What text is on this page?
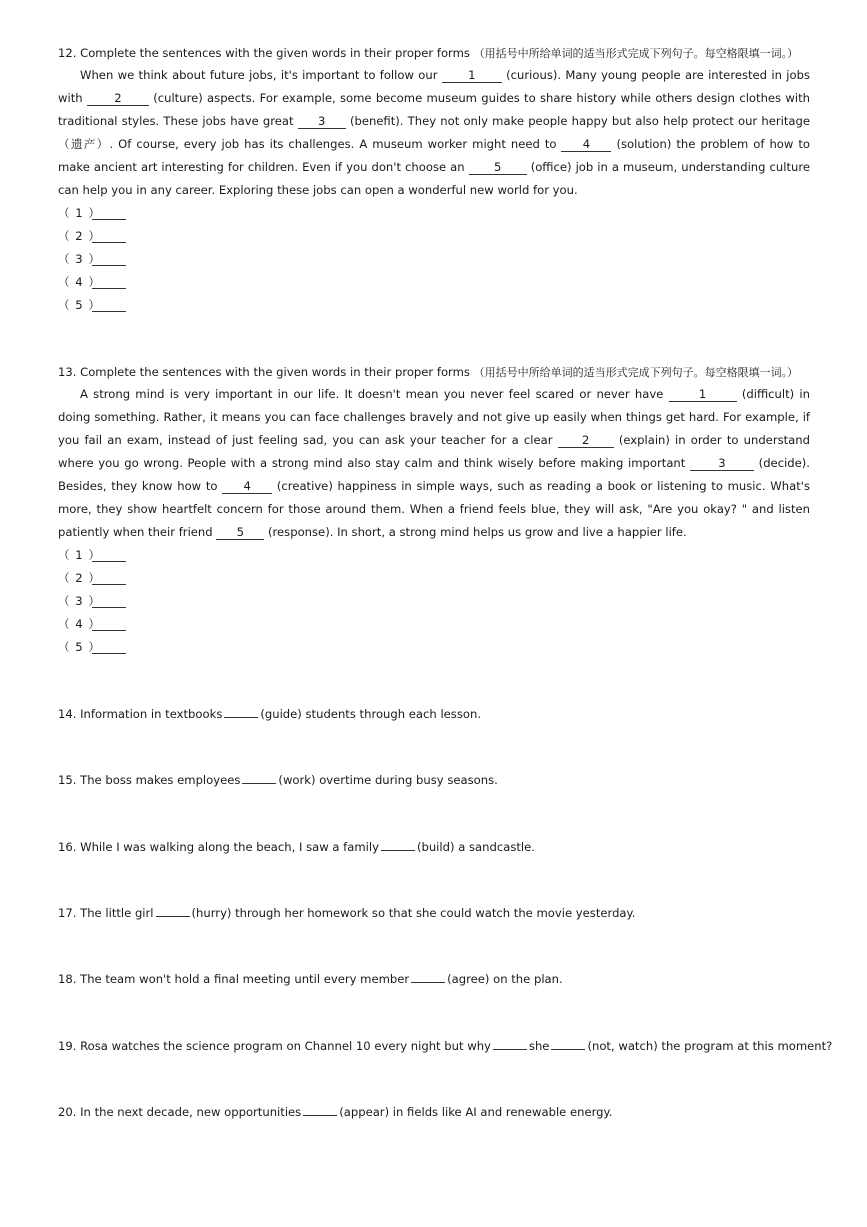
12. Complete the sentences with the given words in their proper forms （用括号中所给单词的适当形式完成下列句子。每空格限填一词。）
When we think about future jobs, it's important to follow our 1 (curious). Many young people are interested in jobs with 2 (culture) aspects. For example, some become museum guides to share history while others design clothes with traditional styles. These jobs have great 3 (benefit). They not only make people happy but also help protect our heritage （遗产）. Of course, every job has its challenges. A museum worker might need to 4 (solution) the problem of how to make ancient art interesting for children. Even if you don't choose an 5 (office) job in a museum, understanding culture can help you in any career. Exploring these jobs can open a wonderful new world for you.
（ 1 ）
（ 2 ）
（ 3 ）
（ 4 ）
（ 5 ）
13. Complete the sentences with the given words in their proper forms （用括号中所给单词的适当形式完成下列句子。每空格限填一词。）
A strong mind is very important in our life. It doesn't mean you never feel scared or never have	1	(difficult) in doing something. Rather, it means you can face challenges bravely and not give up easily when things get hard. For example, if you fail an exam, instead of just feeling sad, you can ask your teacher for a clear 2 (explain) in order to understand where you go wrong. People with a strong mind also stay calm and think wisely before making important 3 (decide). Besides, they know how to 4 (creative) happiness in simple ways, such as reading a book or listening to music. What's more, they show heartfelt concern for those around them. When a friend feels blue, they will ask, "Are you okay? " and listen patiently when their friend 5 (response). In short, a strong mind helps us grow and live a happier life.
（ 1 ）
（ 2 ）
（ 3 ）
（ 4 ）
（ 5 ）
14. Information in textbooks	(guide) students through each lesson.
15. The boss makes employees	(work) overtime during busy seasons.
16. While I was walking along the beach, I saw a family	(build) a sandcastle.
17. The little girl	(hurry) through her homework so that she could watch the movie yesterday.
18. The team won't hold a final meeting until every member	(agree) on the plan.
19. Rosa watches the science program on Channel 10 every night but why	she	(not, watch) the program at this moment?
20. In the next decade, new opportunities	(appear) in fields like AI and renewable energy.
